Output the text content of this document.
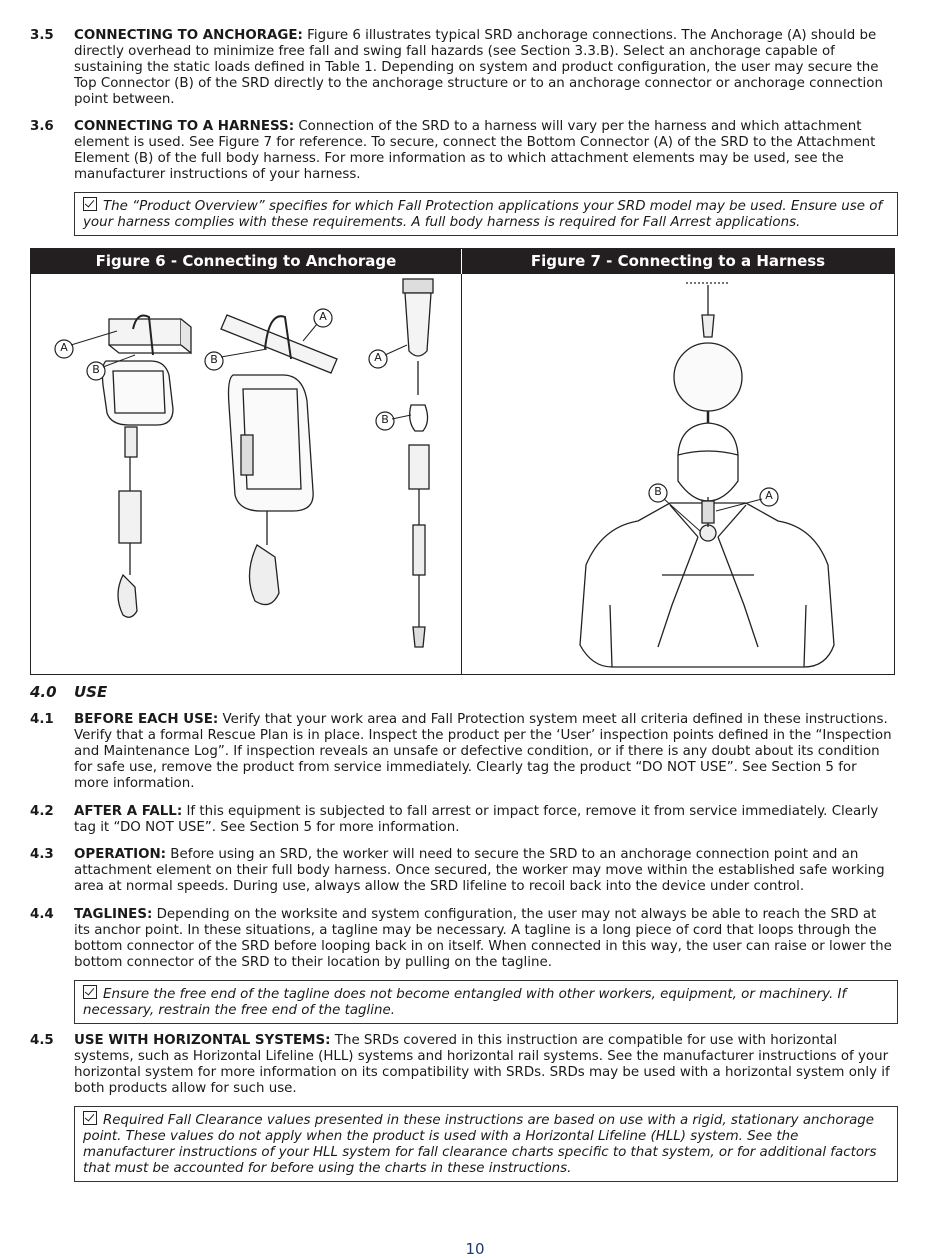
3.5 CONNECTING TO ANCHORAGE: Figure 6 illustrates typical SRD anchorage connections. The Anchorage (A) should be directly overhead to minimize free fall and swing fall hazards (see Section 3.3.B). Select an anchorage capable of sustaining the static loads defined in Table 1. Depending on system and product configuration, the user may secure the Top Connector (B) of the SRD directly to the anchorage structure or to an anchorage connector or anchorage connection point between.
3.6 CONNECTING TO A HARNESS: Connection of the SRD to a harness will vary per the harness and which attachment element is used. See Figure 7 for reference. To secure, connect the Bottom Connector (A) of the SRD to the Attachment Element (B) of the full body harness. For more information as to which attachment elements may be used, see the manufacturer instructions of your harness.
The “Product Overview” specifies for which Fall Protection applications your SRD model may be used. Ensure use of your harness complies with these requirements. A full body harness is required for Fall Arrest applications.
Figure 6 - Connecting to Anchorage	Figure 7 - Connecting to a Harness
A
B
B
A
A
B
B	A
4.0 USE
4.1 BEFORE EACH USE: Verify that your work area and Fall Protection system meet all criteria defined in these instructions. Verify that a formal Rescue Plan is in place. Inspect the product per the ‘User’ inspection points defined in the “Inspection and Maintenance Log”. If inspection reveals an unsafe or defective condition, or if there is any doubt about its condition for safe use, remove the product from service immediately. Clearly tag the product “DO NOT USE”. See Section 5 for more information.
4.2 AFTER A FALL: If this equipment is subjected to fall arrest or impact force, remove it from service immediately. Clearly tag it “DO NOT USE”. See Section 5 for more information.
4.3 OPERATION: Before using an SRD, the worker will need to secure the SRD to an anchorage connection point and an attachment element on their full body harness. Once secured, the worker may move within the established safe working area at normal speeds. During use, always allow the SRD lifeline to recoil back into the device under control.
4.4 TAGLINES: Depending on the worksite and system configuration, the user may not always be able to reach the SRD at its anchor point. In these situations, a tagline may be necessary. A tagline is a long piece of cord that loops through the bottom connector of the SRD before looping back in on itself. When connected in this way, the user can raise or lower the bottom connector of the SRD to their location by pulling on the tagline.
Ensure the free end of the tagline does not become entangled with other workers, equipment, or machinery. If necessary, restrain the free end of the tagline.
4.5 USE WITH HORIZONTAL SYSTEMS: The SRDs covered in this instruction are compatible for use with horizontal systems, such as Horizontal Lifeline (HLL) systems and horizontal rail systems. See the manufacturer instructions of your horizontal system for more information on its compatibility with SRDs. SRDs may be used with a horizontal system only if both products allow for such use.
Required Fall Clearance values presented in these instructions are based on use with a rigid, stationary anchorage point. These values do not apply when the product is used with a Horizontal Lifeline (HLL) system. See the manufacturer instructions of your HLL system for fall clearance charts specific to that system, or for additional factors that must be accounted for before using the charts in these instructions.
10
